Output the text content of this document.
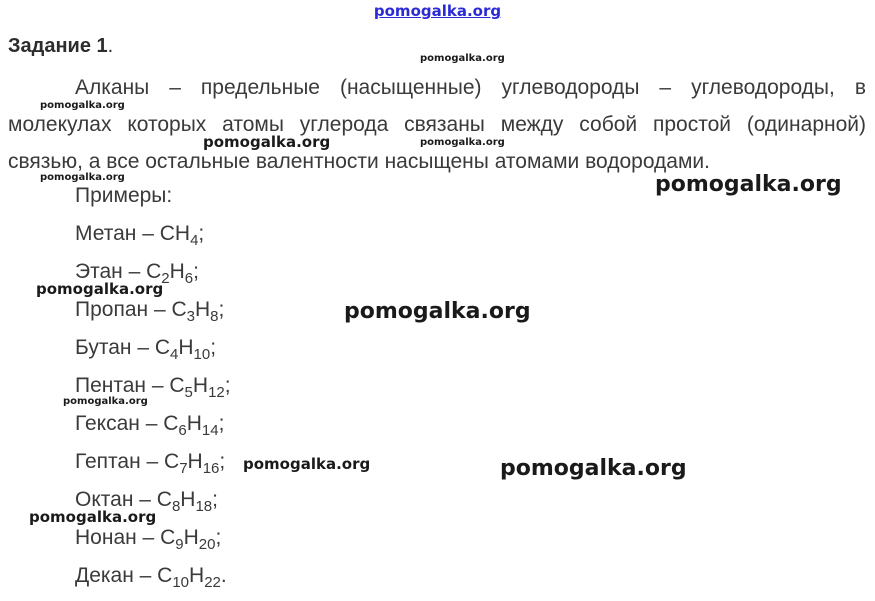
pomogalka.org
Задание 1.

Алканы – предельные (насыщенные) углеводороды – углеводороды, в молекулах которых атомы углерода связаны между собой простой (одинарной) связью, а все остальные валентности насыщены атомами водородами.

Примеры:
Метан – $CH_4$;
Этан – $C_2H_6$;
Пропан – $C_3H_8$;
Бутан – $C_4H_{10}$;
Пентан – $C_5H_{12}$;
Гексан – $C_6H_{14}$;
Гептан – $C_7H_{16}$;
Октан – $C_8H_{18}$;
Нонан – $C_9H_{20}$;
Декан – $C_{10}H_{22}$.
pomogalka.org
pomogalka.org
pomogalka.org	pomogalka.org
pomogalka.org	pomogalka.org
pomogalka.org
pomogalka.org
pomogalka.org
pomogalka.org	pomogalka.org
pomogalka.org
